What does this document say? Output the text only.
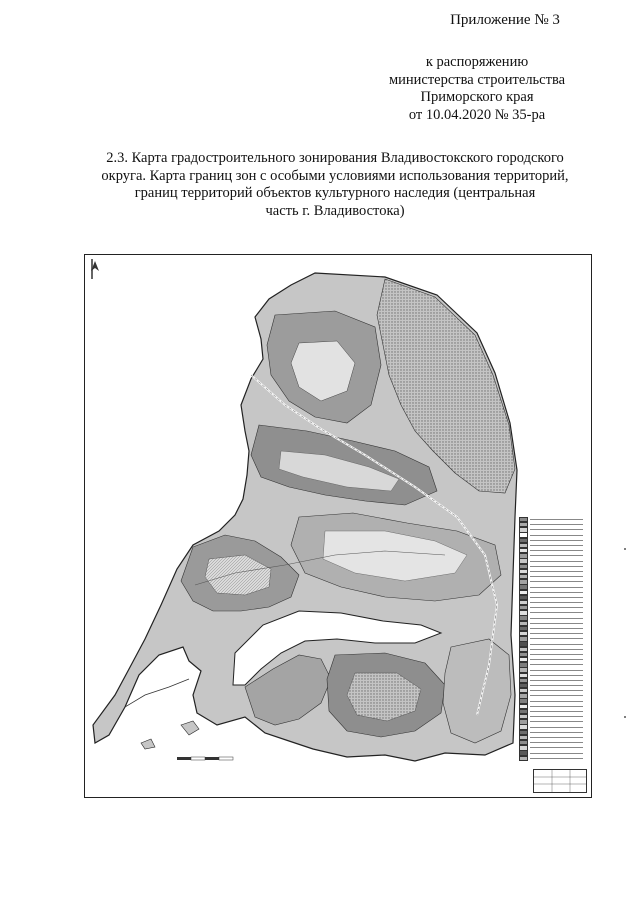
Приложение № 3
к распоряжению
министерства строительства
Приморского края
от 10.04.2020 № 35-ра
2.3. Карта градостроительного зонирования Владивостокского городского
округа. Карта границ зон с особыми условиями использования территорий,
границ территорий объектов культурного наследия (центральная
часть г. Владивостока)
